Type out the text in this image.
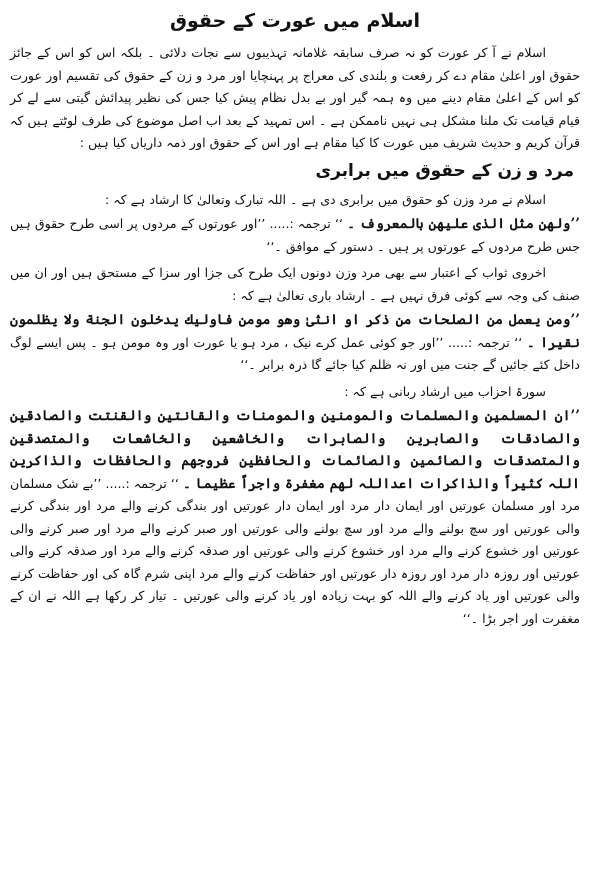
اسلام میں عورت کے حقوق

اسلام نے آ کر عورت کو نہ صرف سابقہ غلامانہ تہذیبوں سے نجات دلائی ۔ بلکہ اس کو اس کے جائز حقوق اور اعلیٰ مقام دے کر رفعت و بلندی کی معراج پر پہنچایا اور مرد و زن کے حقوق کی تقسیم اور عورت کو اس کے اعلیٰ مقام دینے میں وہ ہمہ گیر اور بے بدل نظام پیش کیا جس کی نظیر پیدائش گیتی سے لے کر قیام قیامت تک ملنا مشکل ہی نہیں ناممکن ہے ۔ اس تمہید کے بعد اب اصل موضوع کی طرف لوٹتے ہیں کہ قرآن کریم و حدیث شریف میں عورت کا کیا مقام ہے اور اس کے حقوق اور ذمہ داریاں کیا ہیں :

مرد و زن کے حقوق میں برابری

اسلام نے مرد وزن کو حقوق میں برابری دی ہے ۔ اللہ تبارک وتعالیٰ کا ارشاد ہے کہ :

’’ولھن مثل الذی علیھن بالمعروف ۔ ‘‘ ترجمہ :..... ’’اور عورتوں کے مردوں پر اسی طرح حقوق ہیں جس طرح مردوں کے عورتوں پر ہیں ۔ دستور کے موافق ۔‘‘

اخروی ثواب کے اعتبار سے بھی مرد وزن دونوں ایک طرح کی جزا اور سزا کے مستحق ہیں اور ان میں صنف کی وجہ سے کوئی فرق نہیں ہے ۔ ارشاد باری تعالیٰ ہے کہ :

’’ومن یعمل من الصلحات من ذکر او انثیٰ وھو مومن فاولیك یدخلون الجنة ولا یظلمون نقیرا ۔ ‘‘ ترجمہ :..... ’’اور جو کوئی عمل کرے نیک ، مرد ہو یا عورت اور وہ مومن ہو ۔ پس ایسے لوگ داخل کئے جائیں گے جنت میں اور نہ ظلم کیا جائے گا ذرہ برابر ۔‘‘

سورۃ احزاب میں ارشاد ربانی ہے کہ :

’’ان المسلمین والمسلمات والمومنین والمومنات والقانتین والقنتت والصادقین والصادقات والصابرین والصابرات والخاشعین والخاشعات والمتصدقین والمتصدقات والصائمین والصائمات والحافظین فروجھم والحافظات والذاکرین اللہ کثیراً والذاکرات اعداللہ لھم مغفرۃ واجراً عظیما ۔ ‘‘ ترجمہ :..... ’’بے شک مسلمان مرد اور مسلمان عورتیں اور ایمان دار مرد اور ایمان دار عورتیں اور بندگی کرنے والے مرد اور بندگی کرنے والی عورتیں اور سچ بولنے والے مرد اور سچ بولنے والی عورتیں اور صبر کرنے والے مرد اور صبر کرنے والی عورتیں اور خشوع کرنے والے مرد اور خشوع کرنے والی عورتیں اور صدقہ کرنے والے مرد اور صدقہ کرنے والی عورتیں اور روزہ دار مرد اور روزہ دار عورتیں اور حفاظت کرنے والے مرد اپنی شرم گاہ کی اور حفاظت کرنے والی عورتیں اور یاد کرنے والے اللہ کو بہت زیادہ اور یاد کرنے والی عورتیں ۔ تیار کر رکھا ہے اللہ نے ان کے مغفرت اور اجر بڑا ۔‘‘
